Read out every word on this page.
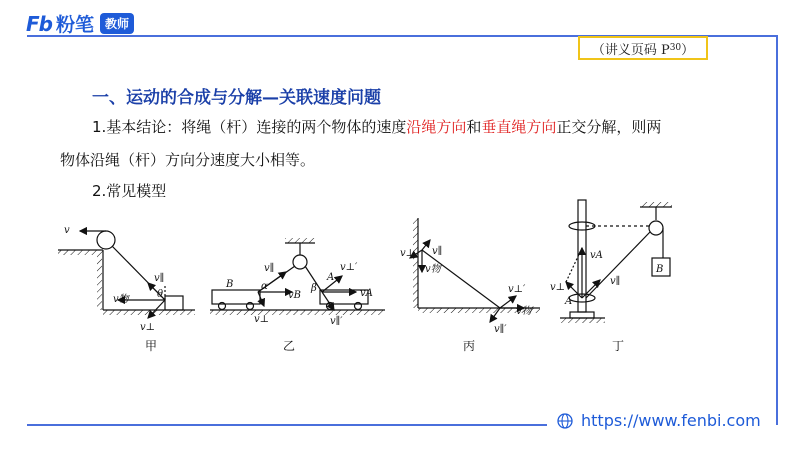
Fb 粉笔 教师
（讲义页码 P 30 ）
一、运动的合成与分解—关联速度问题
1.基本结论：将绳（杆）连接的两个物体的速度沿绳方向和垂直绳方向正交分解，则两
物体沿绳（杆）方向分速度大小相等。
2.常见模型
v
v∥
θ
v物
v⊥
B
v∥
α
vB
v⊥
β
A
v⊥′
vA
v∥′
v∥
v⊥
v物
v⊥′
v物′
v∥′
vA
v⊥
A
v∥
B
甲	乙	丙	丁
https://www.fenbi.com
